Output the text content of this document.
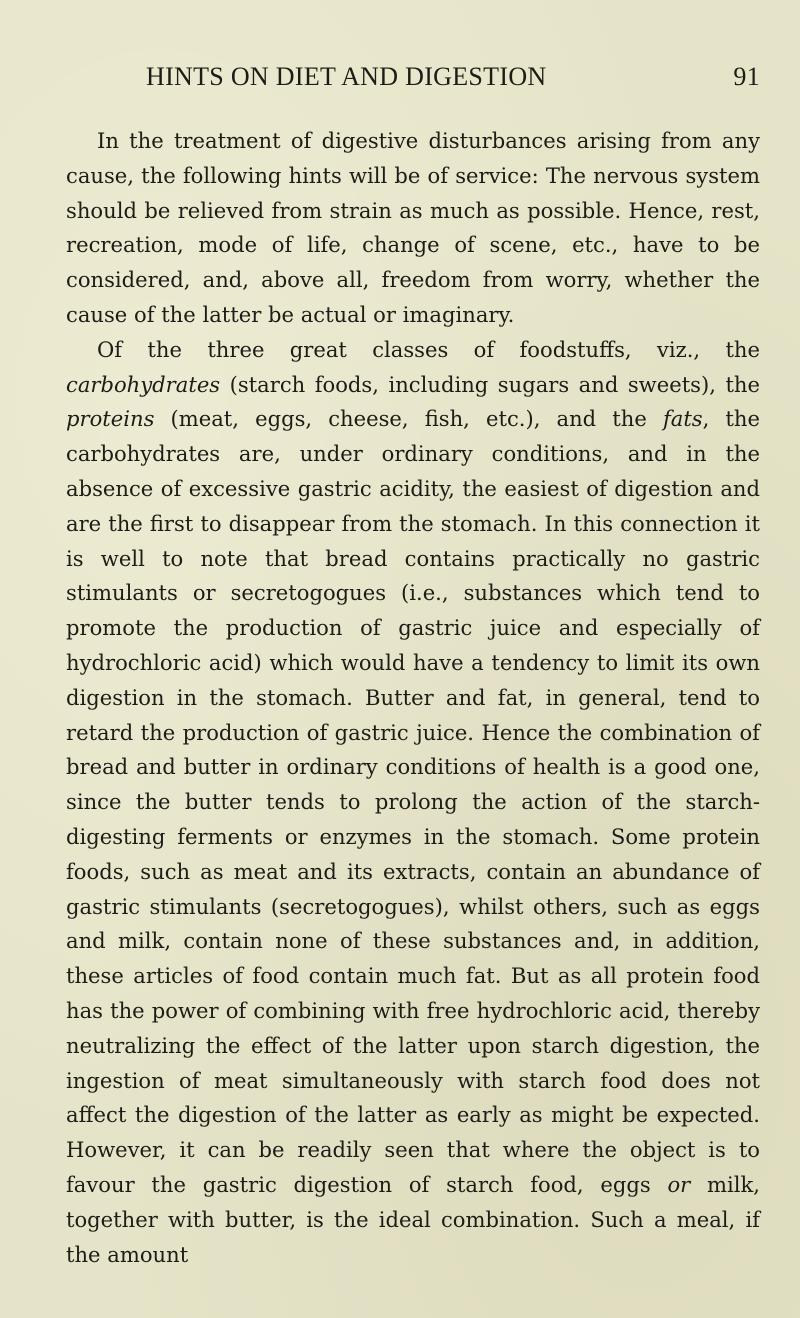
HINTS ON DIET AND DIGESTION	91

In the treatment of digestive disturbances arising from any cause, the following hints will be of service: The nervous system should be relieved from strain as much as possible. Hence, rest, recreation, mode of life, change of scene, etc., have to be considered, and, above all, freedom from worry, whether the cause of the latter be actual or imaginary.

Of the three great classes of foodstuffs, viz., the carbohydrates (starch foods, including sugars and sweets), the proteins (meat, eggs, cheese, fish, etc.), and the fats, the carbohydrates are, under ordinary conditions, and in the absence of excessive gastric acidity, the easiest of digestion and are the first to disappear from the stomach. In this connection it is well to note that bread contains practically no gastric stimulants or secretogogues (i.e., substances which tend to promote the production of gastric juice and especially of hydrochloric acid) which would have a tendency to limit its own digestion in the stomach. Butter and fat, in general, tend to retard the production of gastric juice. Hence the combination of bread and butter in ordinary conditions of health is a good one, since the butter tends to prolong the action of the starch-digesting ferments or enzymes in the stomach. Some protein foods, such as meat and its extracts, contain an abundance of gastric stimulants (secretogogues), whilst others, such as eggs and milk, contain none of these substances and, in addition, these articles of food contain much fat. But as all protein food has the power of combining with free hydrochloric acid, thereby neutralizing the effect of the latter upon starch digestion, the ingestion of meat simultaneously with starch food does not affect the digestion of the latter as early as might be expected. However, it can be readily seen that where the object is to favour the gastric digestion of starch food, eggs or milk, together with butter, is the ideal combination. Such a meal, if the amount
